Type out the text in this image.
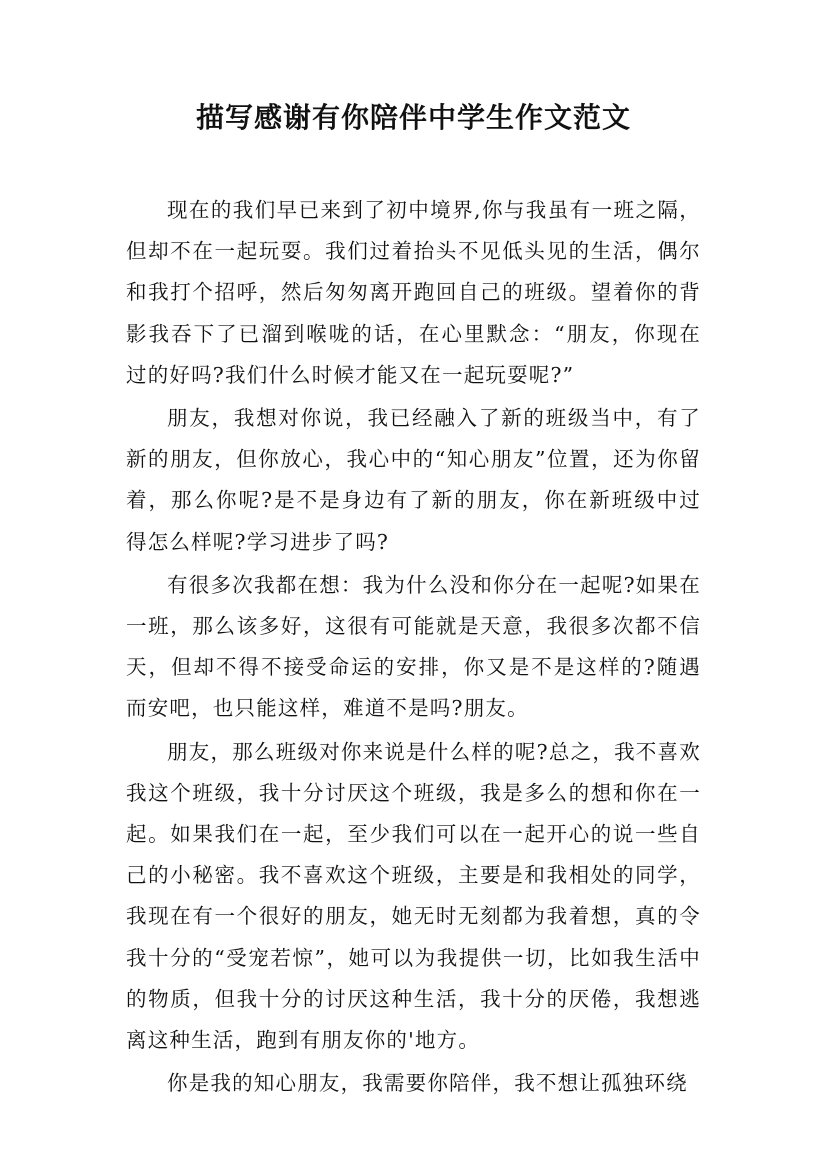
描写感谢有你陪伴中学生作文范文

现在的我们早已来到了初中境界,你与我虽有一班之隔，但却不在一起玩耍。我们过着抬头不见低头见的生活，偶尔和我打个招呼，然后匆匆离开跑回自己的班级。望着你的背影我吞下了已溜到喉咙的话，在心里默念：“朋友，你现在过的好吗?我们什么时候才能又在一起玩耍呢?”

朋友，我想对你说，我已经融入了新的班级当中，有了新的朋友，但你放心，我心中的“知心朋友”位置，还为你留着，那么你呢?是不是身边有了新的朋友，你在新班级中过得怎么样呢?学习进步了吗?

有很多次我都在想：我为什么没和你分在一起呢?如果在一班，那么该多好，这很有可能就是天意，我很多次都不信天，但却不得不接受命运的安排，你又是不是这样的?随遇而安吧，也只能这样，难道不是吗?朋友。

朋友，那么班级对你来说是什么样的呢?总之，我不喜欢我这个班级，我十分讨厌这个班级，我是多么的想和你在一起。如果我们在一起，至少我们可以在一起开心的说一些自己的小秘密。我不喜欢这个班级，主要是和我相处的同学，我现在有一个很好的朋友，她无时无刻都为我着想，真的令我十分的“受宠若惊”，她可以为我提供一切，比如我生活中的物质，但我十分的讨厌这种生活，我十分的厌倦，我想逃离这种生活，跑到有朋友你的'地方。

你是我的知心朋友，我需要你陪伴，我不想让孤独环绕
